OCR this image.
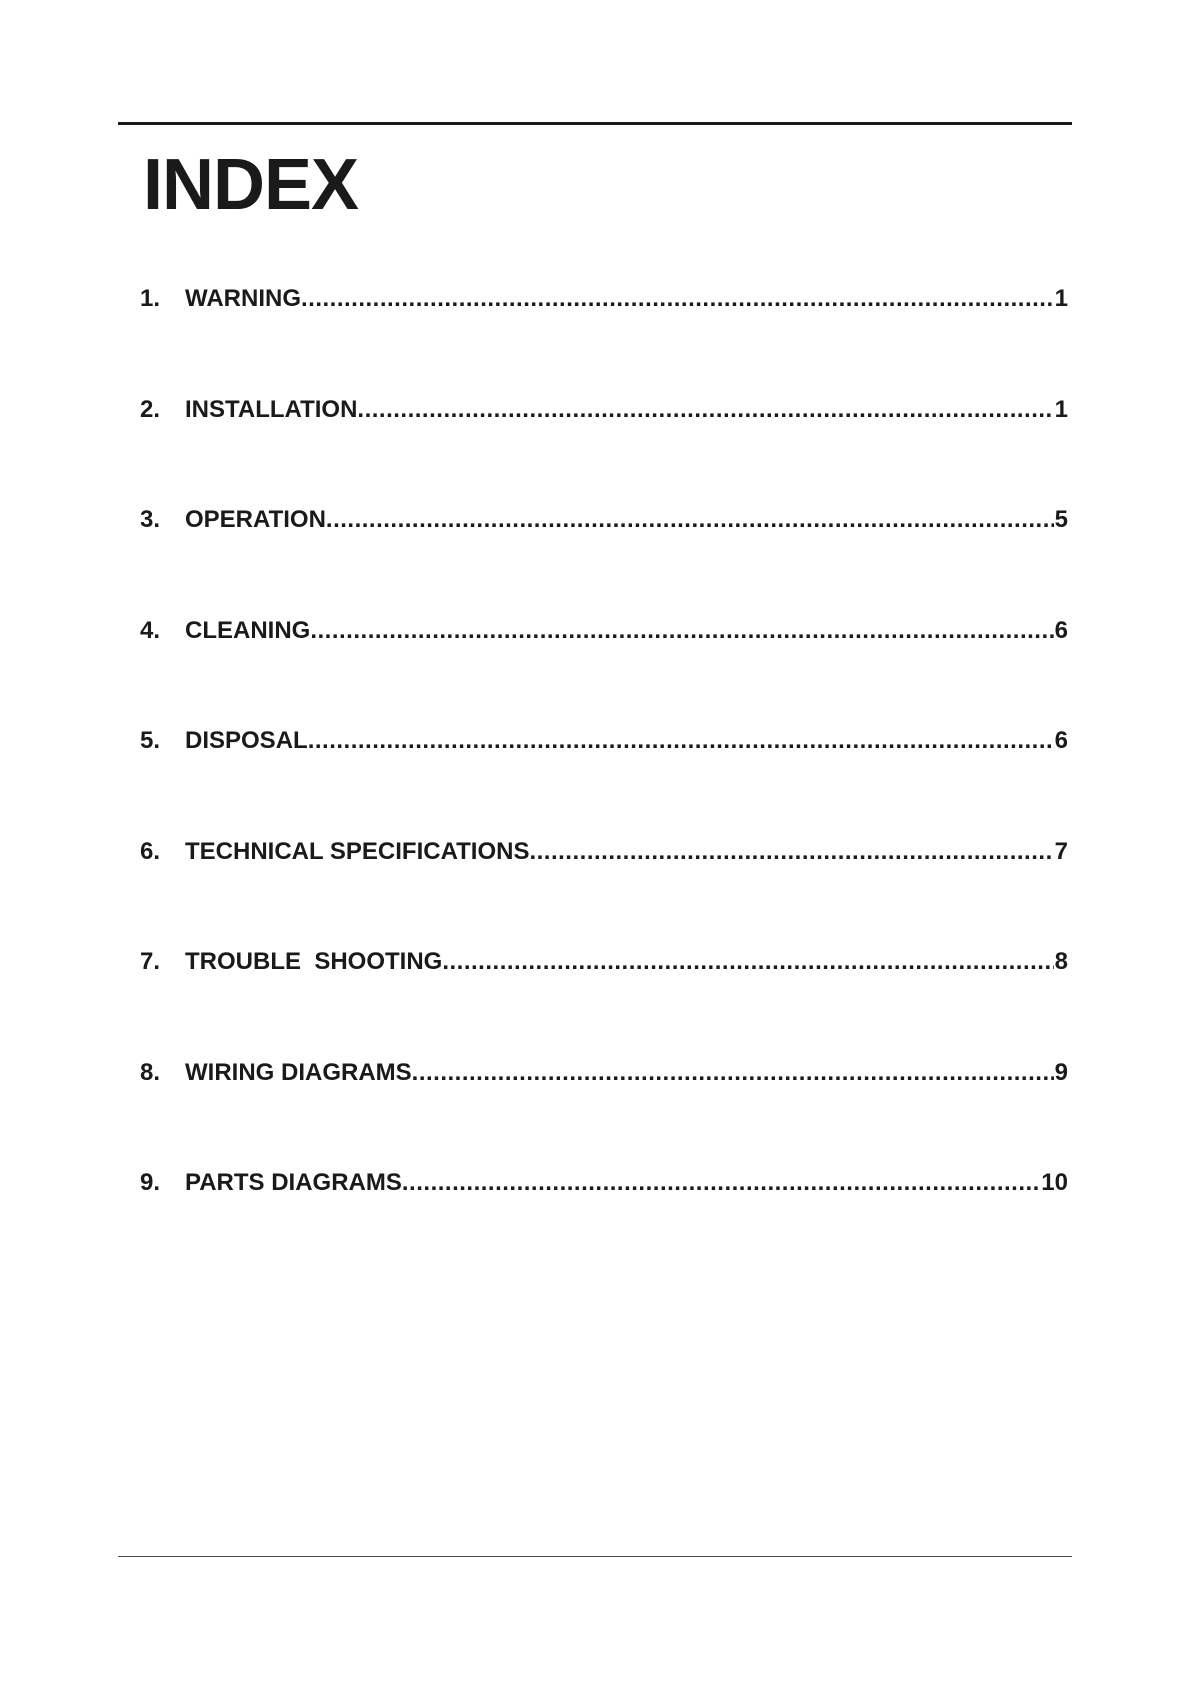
INDEX
1.	WARNING .....	1
2.	INSTALLATION .....	1
3.	OPERATION .....	5
4.	CLEANING .....	6
5.	DISPOSAL .....	6
6.	TECHNICAL SPECIFICATIONS .....	7
7.	TROUBLE  SHOOTING .....	8
8.	WIRING DIAGRAMS .....	9
9.	PARTS DIAGRAMS .....	10
